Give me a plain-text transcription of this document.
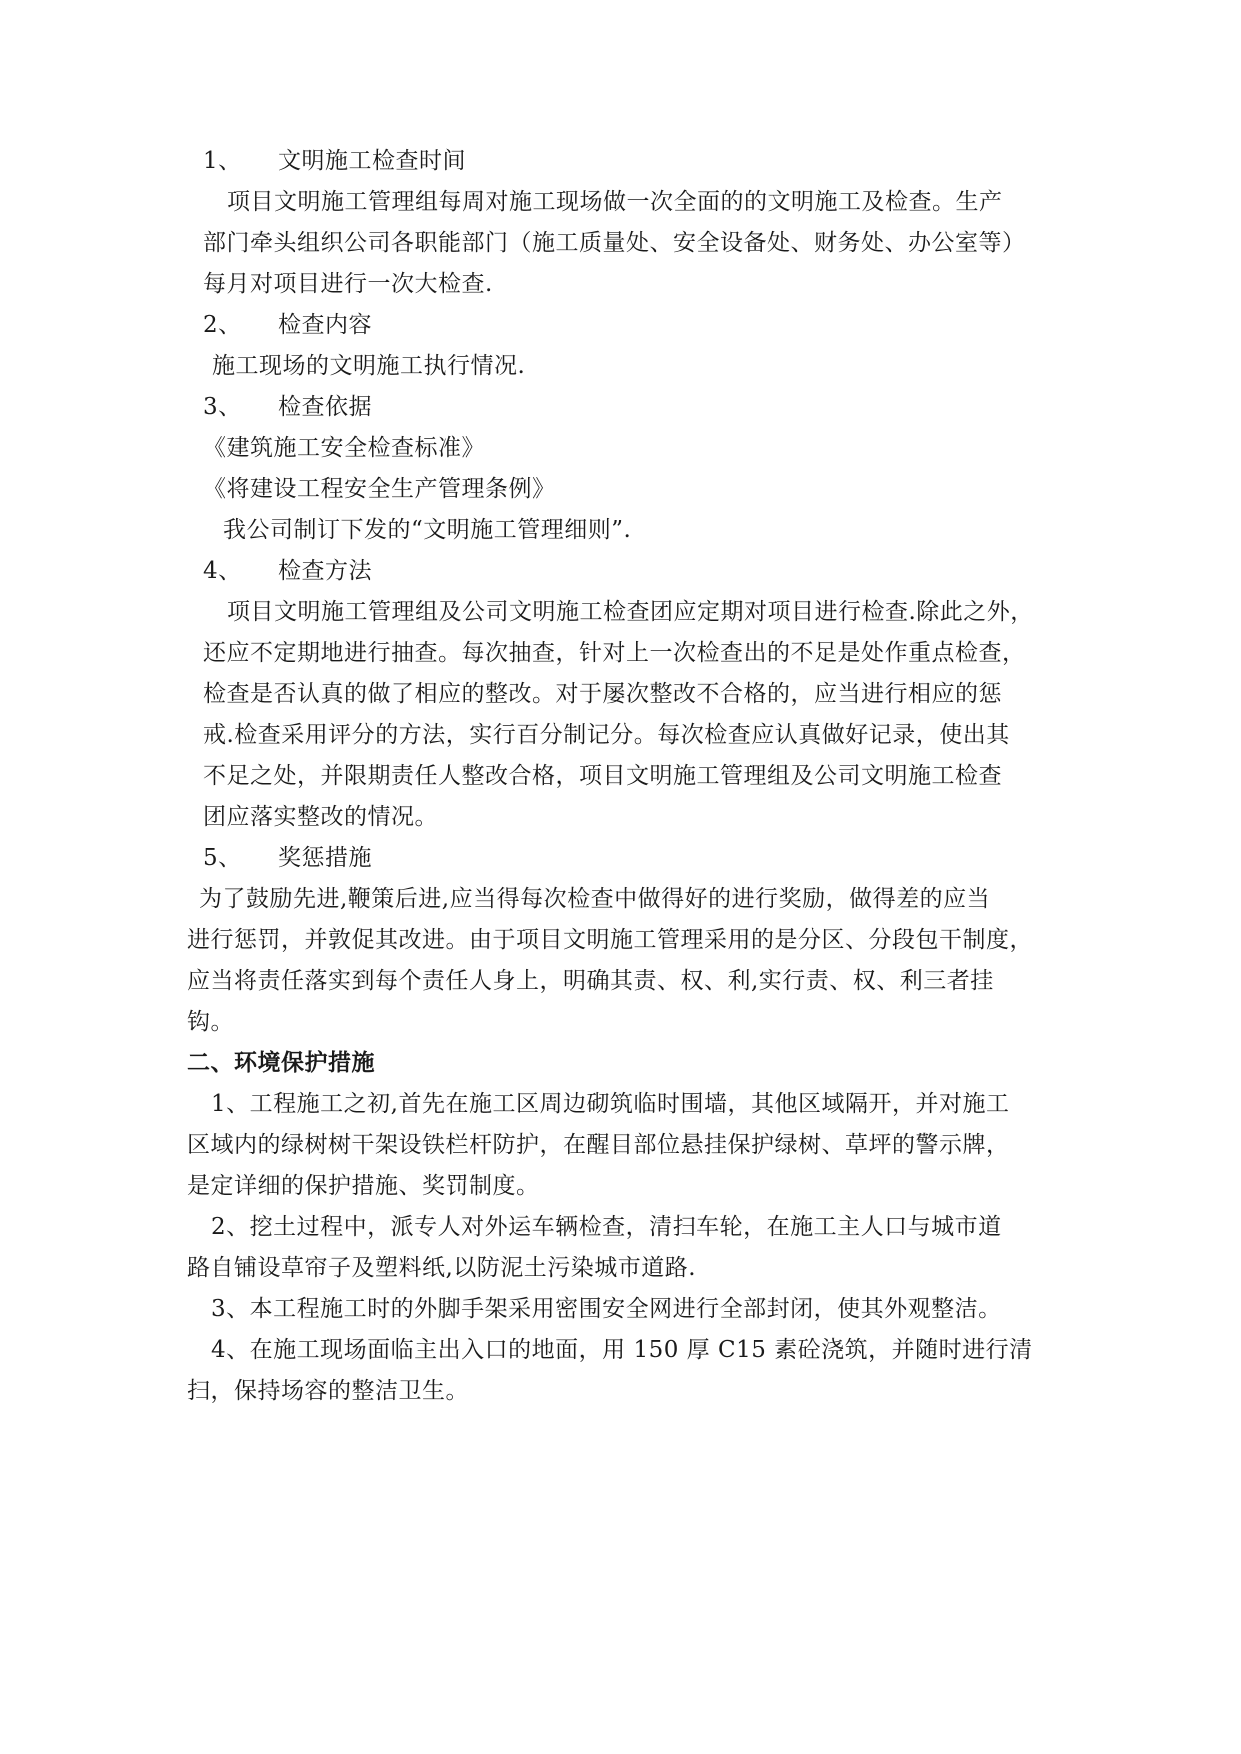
1、 文明施工检查时间
项目文明施工管理组每周对施工现场做一次全面的的文明施工及检查。生产
部门牵头组织公司各职能部门（施工质量处、安全设备处、财务处、办公室等）
每月对项目进行一次大检查.
2、 检查内容
施工现场的文明施工执行情况.
3、 检查依据
《建筑施工安全检查标准》
《将建设工程安全生产管理条例》
我公司制订下发的“文明施工管理细则”.
4、 检查方法
项目文明施工管理组及公司文明施工检查团应定期对项目进行检查.除此之外，
还应不定期地进行抽查。每次抽查，针对上一次检查出的不足是处作重点检查，
检查是否认真的做了相应的整改。对于屡次整改不合格的，应当进行相应的惩
戒.检查采用评分的方法，实行百分制记分。每次检查应认真做好记录，使出其
不足之处，并限期责任人整改合格，项目文明施工管理组及公司文明施工检查
团应落实整改的情况。
5、 奖惩措施
为了鼓励先进,鞭策后进,应当得每次检查中做得好的进行奖励，做得差的应当
进行惩罚，并敦促其改进。由于项目文明施工管理采用的是分区、分段包干制度，
应当将责任落实到每个责任人身上，明确其责、权、利,实行责、权、利三者挂
钩。
二、环境保护措施
1、工程施工之初,首先在施工区周边砌筑临时围墙，其他区域隔开，并对施工
区域内的绿树树干架设铁栏杆防护，在醒目部位悬挂保护绿树、草坪的警示牌，
是定详细的保护措施、奖罚制度。
2、挖土过程中，派专人对外运车辆检查，清扫车轮，在施工主人口与城市道
路自铺设草帘子及塑料纸,以防泥土污染城市道路.
3、本工程施工时的外脚手架采用密围安全网进行全部封闭，使其外观整洁。
4、在施工现场面临主出入口的地面，用 150 厚 C15 素砼浇筑，并随时进行清
扫，保持场容的整洁卫生。
